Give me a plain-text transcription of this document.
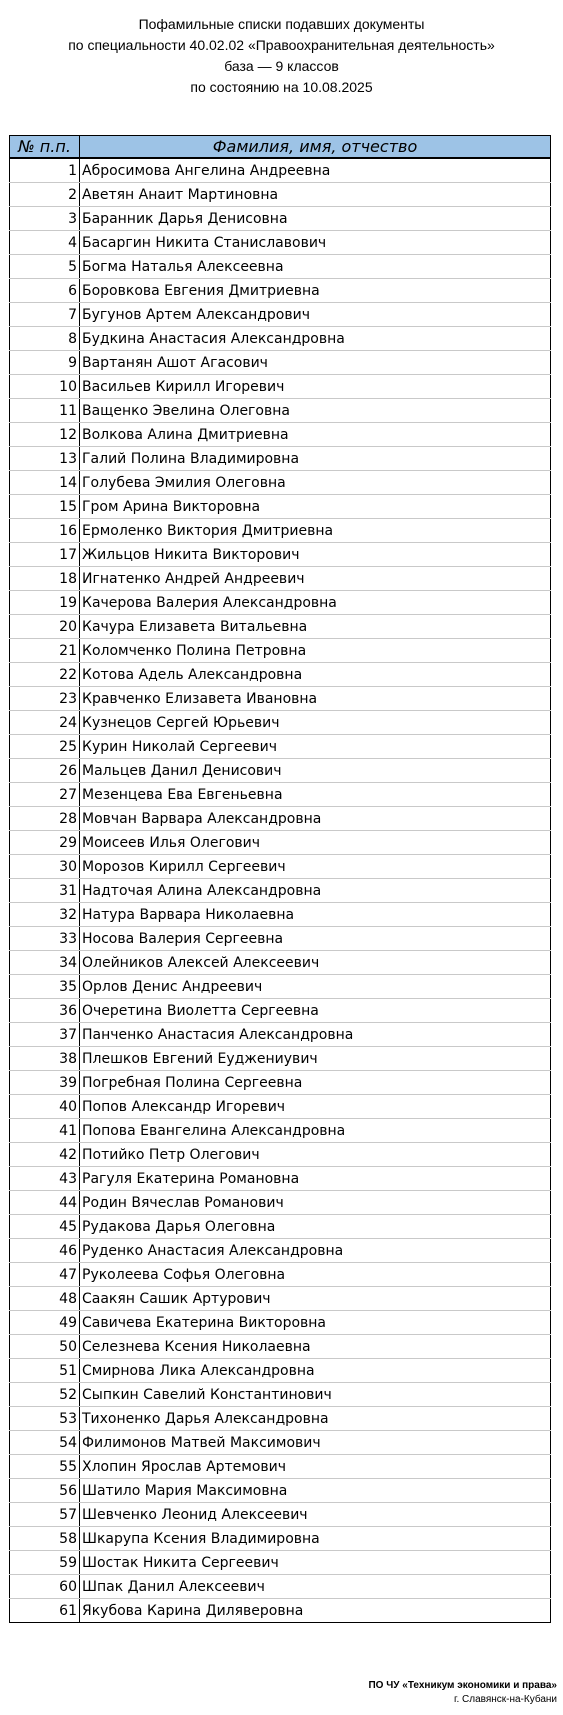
Пофамильные списки подавших документы
по специальности 40.02.02 «Правоохранительная деятельность»
база — 9 классов
по состоянию на 10.08.2025
№ п.п.	Фамилия, имя, отчество
1	Абросимова Ангелина Андреевна
2	Аветян Анаит Мартиновна
3	Баранник Дарья Денисовна
4	Басаргин Никита Станиславович
5	Богма Наталья Алексеевна
6	Боровкова Евгения Дмитриевна
7	Бугунов Артем Александрович
8	Будкина Анастасия Александровна
9	Вартанян Ашот Агасович
10	Васильев Кирилл Игоревич
11	Ващенко Эвелина Олеговна
12	Волкова Алина Дмитриевна
13	Галий Полина Владимировна
14	Голубева Эмилия Олеговна
15	Гром Арина Викторовна
16	Ермоленко Виктория Дмитриевна
17	Жильцов Никита Викторович
18	Игнатенко Андрей Андреевич
19	Качерова Валерия Александровна
20	Качура Елизавета Витальевна
21	Коломченко Полина Петровна
22	Котова Адель Александровна
23	Кравченко Елизавета Ивановна
24	Кузнецов Сергей Юрьевич
25	Курин Николай Сергеевич
26	Мальцев Данил Денисович
27	Мезенцева Ева Евгеньевна
28	Мовчан Варвара Александровна
29	Моисеев Илья Олегович
30	Морозов Кирилл Сергеевич
31	Надточая Алина Александровна
32	Натура Варвара Николаевна
33	Носова Валерия Сергеевна
34	Олейников Алексей Алексеевич
35	Орлов Денис Андреевич
36	Очеретина Виолетта Сергеевна
37	Панченко Анастасия Александровна
38	Плешков Евгений Еуджениувич
39	Погребная Полина Сергеевна
40	Попов Александр Игоревич
41	Попова Евангелина Александровна
42	Потийко Петр Олегович
43	Рагуля Екатерина Романовна
44	Родин Вячеслав Романович
45	Рудакова Дарья Олеговна
46	Руденко Анастасия Александровна
47	Руколеева Софья Олеговна
48	Саакян Сашик Артурович
49	Савичева Екатерина Викторовна
50	Селезнева Ксения Николаевна
51	Смирнова Лика Александровна
52	Сыпкин Савелий Константинович
53	Тихоненко Дарья Александровна
54	Филимонов Матвей Максимович
55	Хлопин Ярослав Артемович
56	Шатило Мария Максимовна
57	Шевченко Леонид Алексеевич
58	Шкарупа Ксения Владимировна
59	Шостак Никита Сергеевич
60	Шпак Данил Алексеевич
61	Якубова Карина Диляверовна
ПО ЧУ «Техникум экономики и права»
г. Славянск-на-Кубани
